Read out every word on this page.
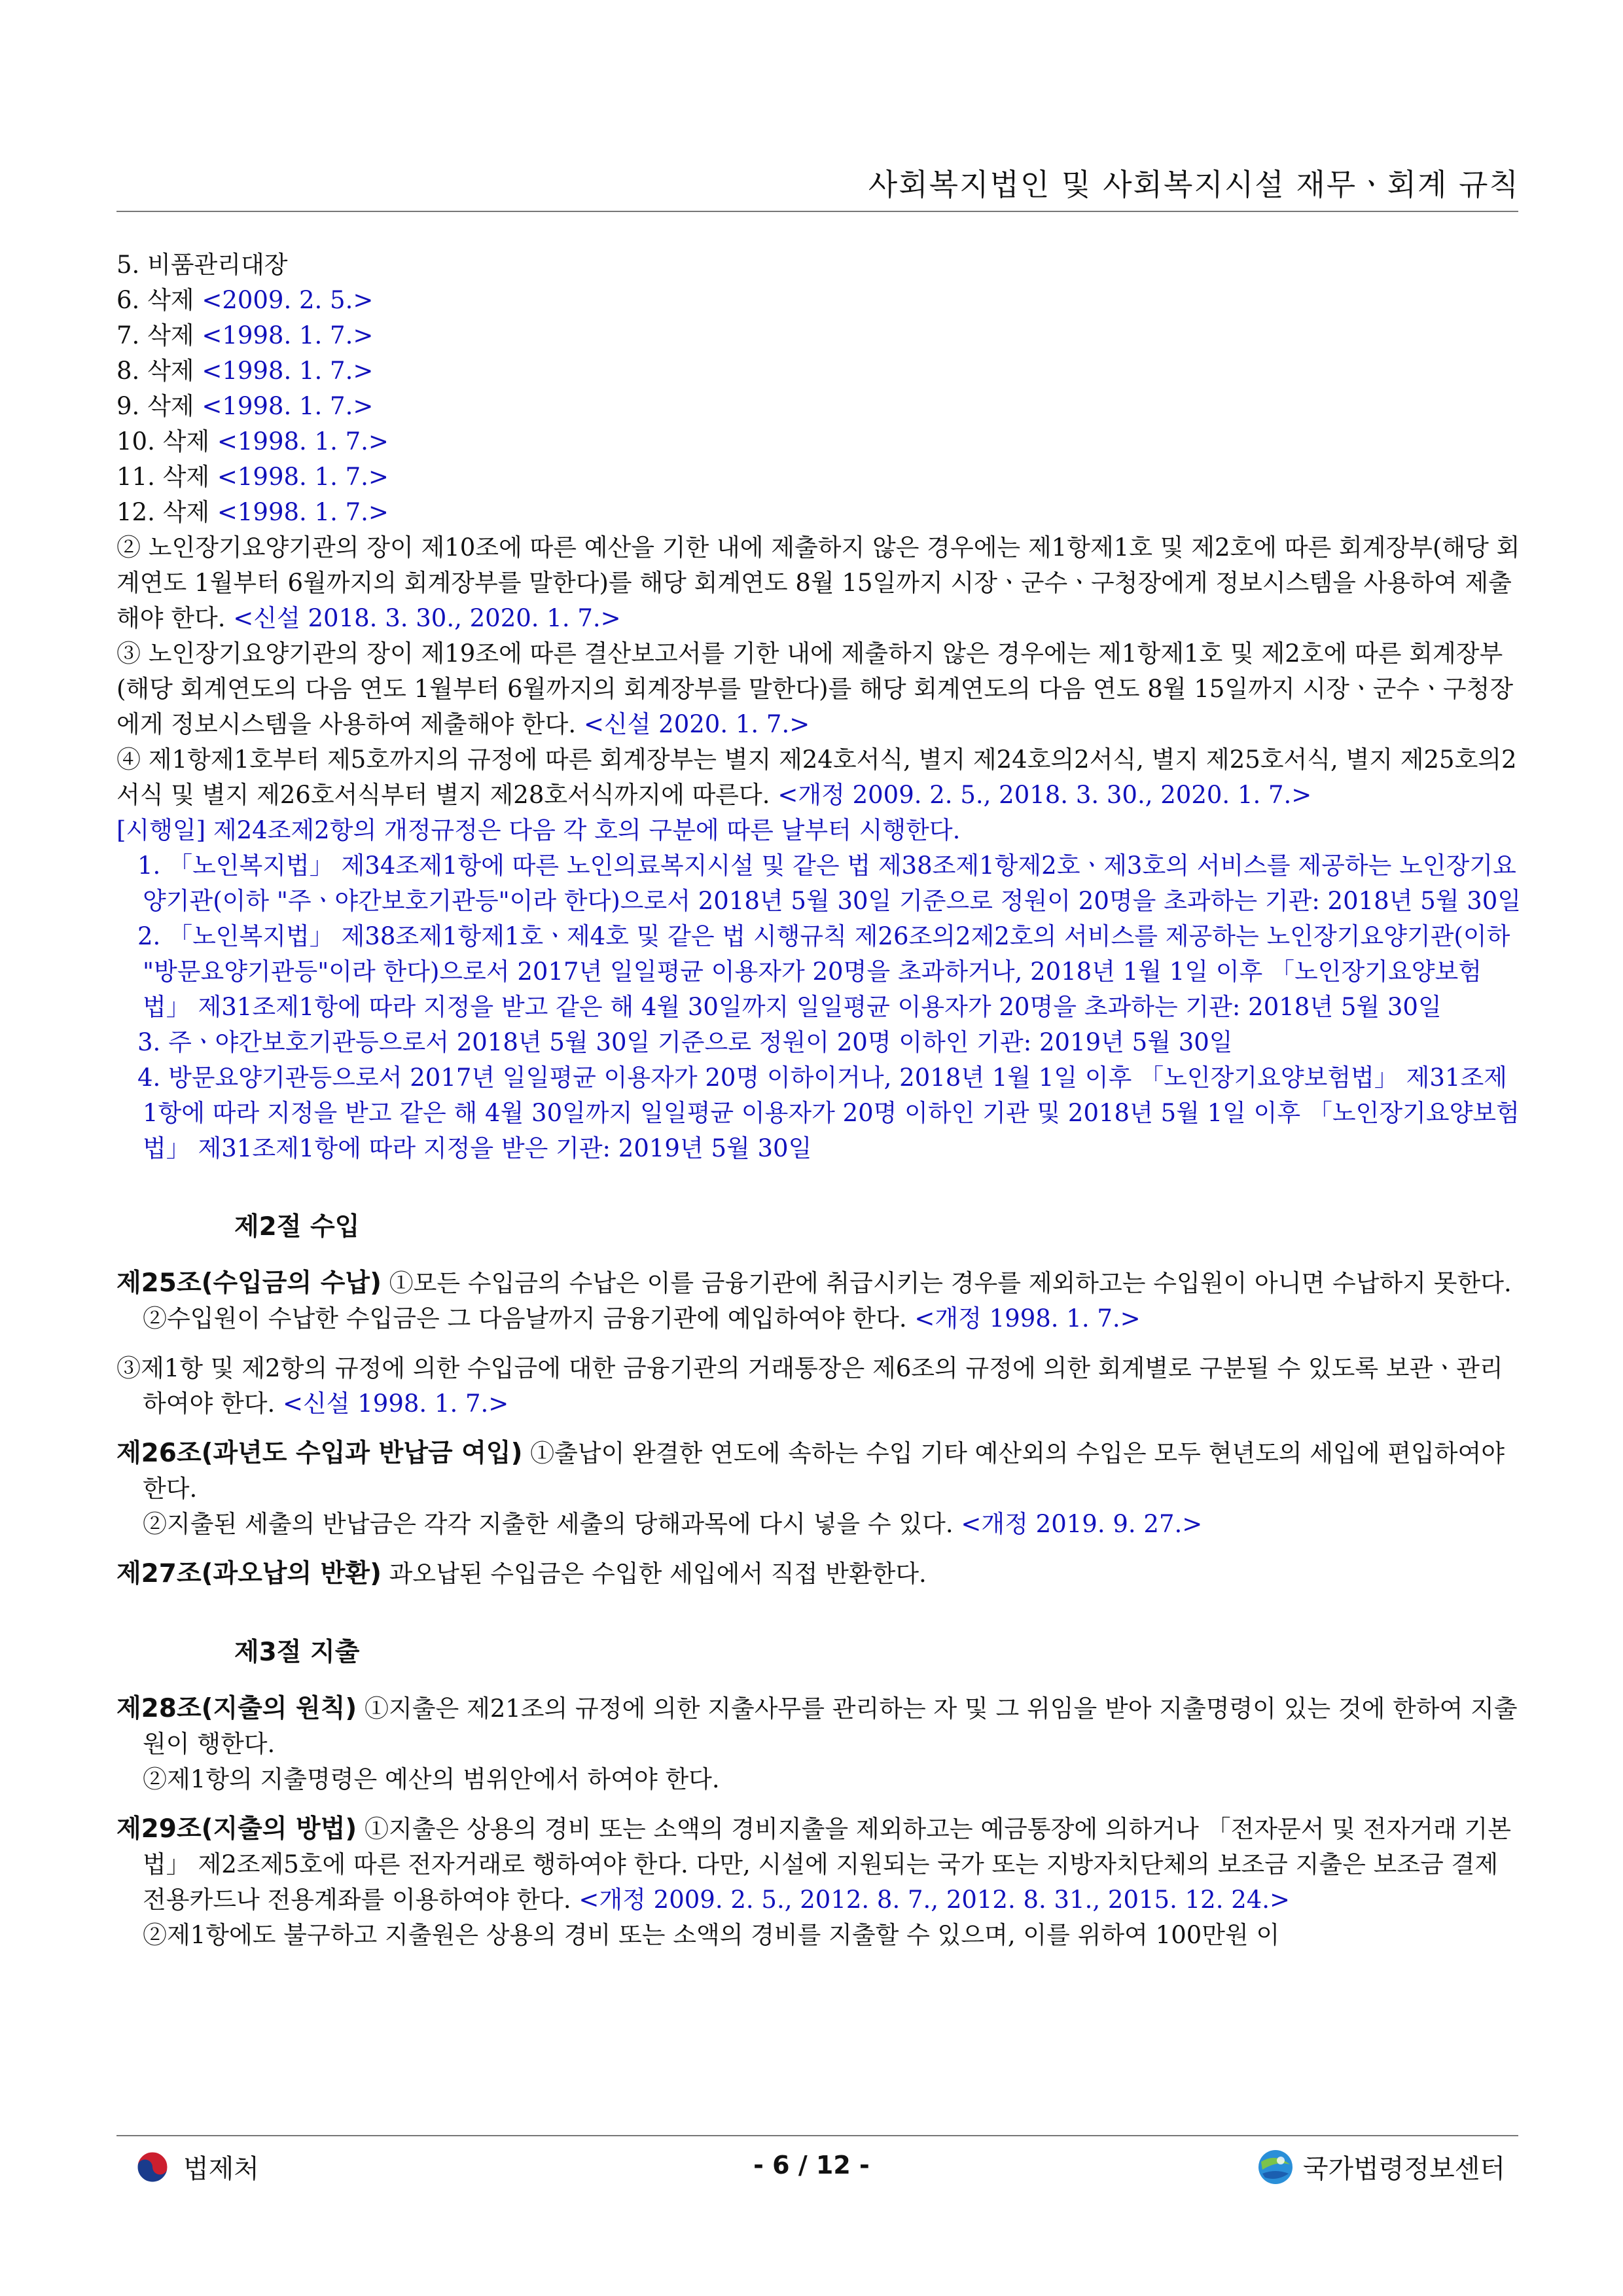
사회복지법인 및 사회복지시설 재무ㆍ회계 규칙

5. 비품관리대장

6. 삭제 <2009. 2. 5.>

7. 삭제 <1998. 1. 7.>

8. 삭제 <1998. 1. 7.>

9. 삭제 <1998. 1. 7.>

10. 삭제 <1998. 1. 7.>

11. 삭제 <1998. 1. 7.>

12. 삭제 <1998. 1. 7.>

② 노인장기요양기관의 장이 제10조에 따른 예산을 기한 내에 제출하지 않은 경우에는 제1항제1호 및 제2호에 따른 회계장부(해당 회계연도 1월부터 6월까지의 회계장부를 말한다)를 해당 회계연도 8월 15일까지 시장ㆍ군수ㆍ구청장에게 정보시스템을 사용하여 제출해야 한다. <신설 2018. 3. 30., 2020. 1. 7.>

③ 노인장기요양기관의 장이 제19조에 따른 결산보고서를 기한 내에 제출하지 않은 경우에는 제1항제1호 및 제2호에 따른 회계장부(해당 회계연도의 다음 연도 1월부터 6월까지의 회계장부를 말한다)를 해당 회계연도의 다음 연도 8월 15일까지 시장ㆍ군수ㆍ구청장에게 정보시스템을 사용하여 제출해야 한다. <신설 2020. 1. 7.>

④ 제1항제1호부터 제5호까지의 규정에 따른 회계장부는 별지 제24호서식, 별지 제24호의2서식, 별지 제25호서식, 별지 제25호의2서식 및 별지 제26호서식부터 별지 제28호서식까지에 따른다. <개정 2009. 2. 5., 2018. 3. 30., 2020. 1. 7.>

[시행일] 제24조제2항의 개정규정은 다음 각 호의 구분에 따른 날부터 시행한다.

1. 「노인복지법」 제34조제1항에 따른 노인의료복지시설 및 같은 법 제38조제1항제2호ㆍ제3호의 서비스를 제공하는 노인장기요양기관(이하 "주ㆍ야간보호기관등"이라 한다)으로서 2018년 5월 30일 기준으로 정원이 20명을 초과하는 기관: 2018년 5월 30일

2. 「노인복지법」 제38조제1항제1호ㆍ제4호 및 같은 법 시행규칙 제26조의2제2호의 서비스를 제공하는 노인장기요양기관(이하 "방문요양기관등"이라 한다)으로서 2017년 일일평균 이용자가 20명을 초과하거나, 2018년 1월 1일 이후 「노인장기요양보험법」 제31조제1항에 따라 지정을 받고 같은 해 4월 30일까지 일일평균 이용자가 20명을 초과하는 기관: 2018년 5월 30일

3. 주ㆍ야간보호기관등으로서 2018년 5월 30일 기준으로 정원이 20명 이하인 기관: 2019년 5월 30일

4. 방문요양기관등으로서 2017년 일일평균 이용자가 20명 이하이거나, 2018년 1월 1일 이후 「노인장기요양보험법」 제31조제1항에 따라 지정을 받고 같은 해 4월 30일까지 일일평균 이용자가 20명 이하인 기관 및 2018년 5월 1일 이후 「노인장기요양보험법」 제31조제1항에 따라 지정을 받은 기관: 2019년 5월 30일

제2절 수입

제25조(수입금의 수납) ①모든 수입금의 수납은 이를 금융기관에 취급시키는 경우를 제외하고는 수입원이 아니면 수납하지 못한다.

②수입원이 수납한 수입금은 그 다음날까지 금융기관에 예입하여야 한다. <개정 1998. 1. 7.>

③제1항 및 제2항의 규정에 의한 수입금에 대한 금융기관의 거래통장은 제6조의 규정에 의한 회계별로 구분될 수 있도록 보관ㆍ관리하여야 한다. <신설 1998. 1. 7.>

제26조(과년도 수입과 반납금 여입) ①출납이 완결한 연도에 속하는 수입 기타 예산외의 수입은 모두 현년도의 세입에 편입하여야 한다.

②지출된 세출의 반납금은 각각 지출한 세출의 당해과목에 다시 넣을 수 있다. <개정 2019. 9. 27.>

제27조(과오납의 반환) 과오납된 수입금은 수입한 세입에서 직접 반환한다.

제3절 지출

제28조(지출의 원칙) ①지출은 제21조의 규정에 의한 지출사무를 관리하는 자 및 그 위임을 받아 지출명령이 있는 것에 한하여 지출원이 행한다.

②제1항의 지출명령은 예산의 범위안에서 하여야 한다.

제29조(지출의 방법) ①지출은 상용의 경비 또는 소액의 경비지출을 제외하고는 예금통장에 의하거나 「전자문서 및 전자거래 기본법」 제2조제5호에 따른 전자거래로 행하여야 한다. 다만, 시설에 지원되는 국가 또는 지방자치단체의 보조금 지출은 보조금 결제 전용카드나 전용계좌를 이용하여야 한다. <개정 2009. 2. 5., 2012. 8. 7., 2012. 8. 31., 2015. 12. 24.>

②제1항에도 불구하고 지출원은 상용의 경비 또는 소액의 경비를 지출할 수 있으며, 이를 위하여 100만원 이

법제처	- 6 / 12 -	국가법령정보센터
